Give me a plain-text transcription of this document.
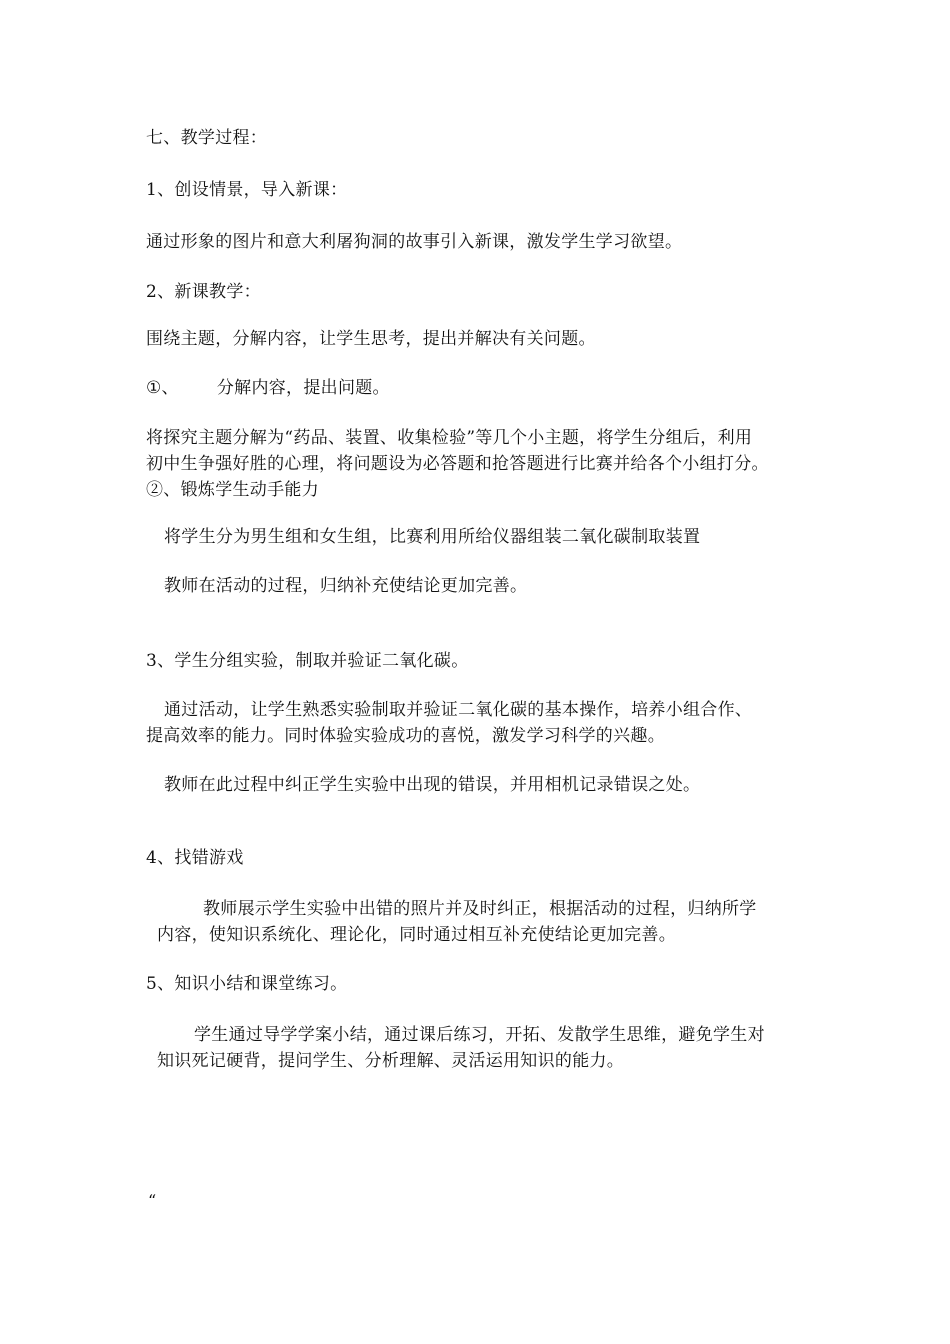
七、教学过程：
1、创设情景，导入新课：
通过形象的图片和意大利屠狗洞的故事引入新课，激发学生学习欲望。
2、新课教学：
围绕主题，分解内容，让学生思考，提出并解决有关问题。
①、 分解内容，提出问题。
将探究主题分解为“药品、装置、收集检验”等几个小主题，将学生分组后，利用
初中生争强好胜的心理，将问题设为必答题和抢答题进行比赛并给各个小组打分。
②、锻炼学生动手能力
将学生分为男生组和女生组，比赛利用所给仪器组装二氧化碳制取装置
教师在活动的过程，归纳补充使结论更加完善。
3、学生分组实验，制取并验证二氧化碳。
通过活动，让学生熟悉实验制取并验证二氧化碳的基本操作，培养小组合作、
提高效率的能力。同时体验实验成功的喜悦，激发学习科学的兴趣。
教师在此过程中纠正学生实验中出现的错误，并用相机记录错误之处。
4、找错游戏
教师展示学生实验中出错的照片并及时纠正，根据活动的过程，归纳所学
内容，使知识系统化、理论化，同时通过相互补充使结论更加完善。
5、知识小结和课堂练习。
学生通过导学学案小结，通过课后练习，开拓、发散学生思维，避免学生对
知识死记硬背，提问学生、分析理解、灵活运用知识的能力。
“
